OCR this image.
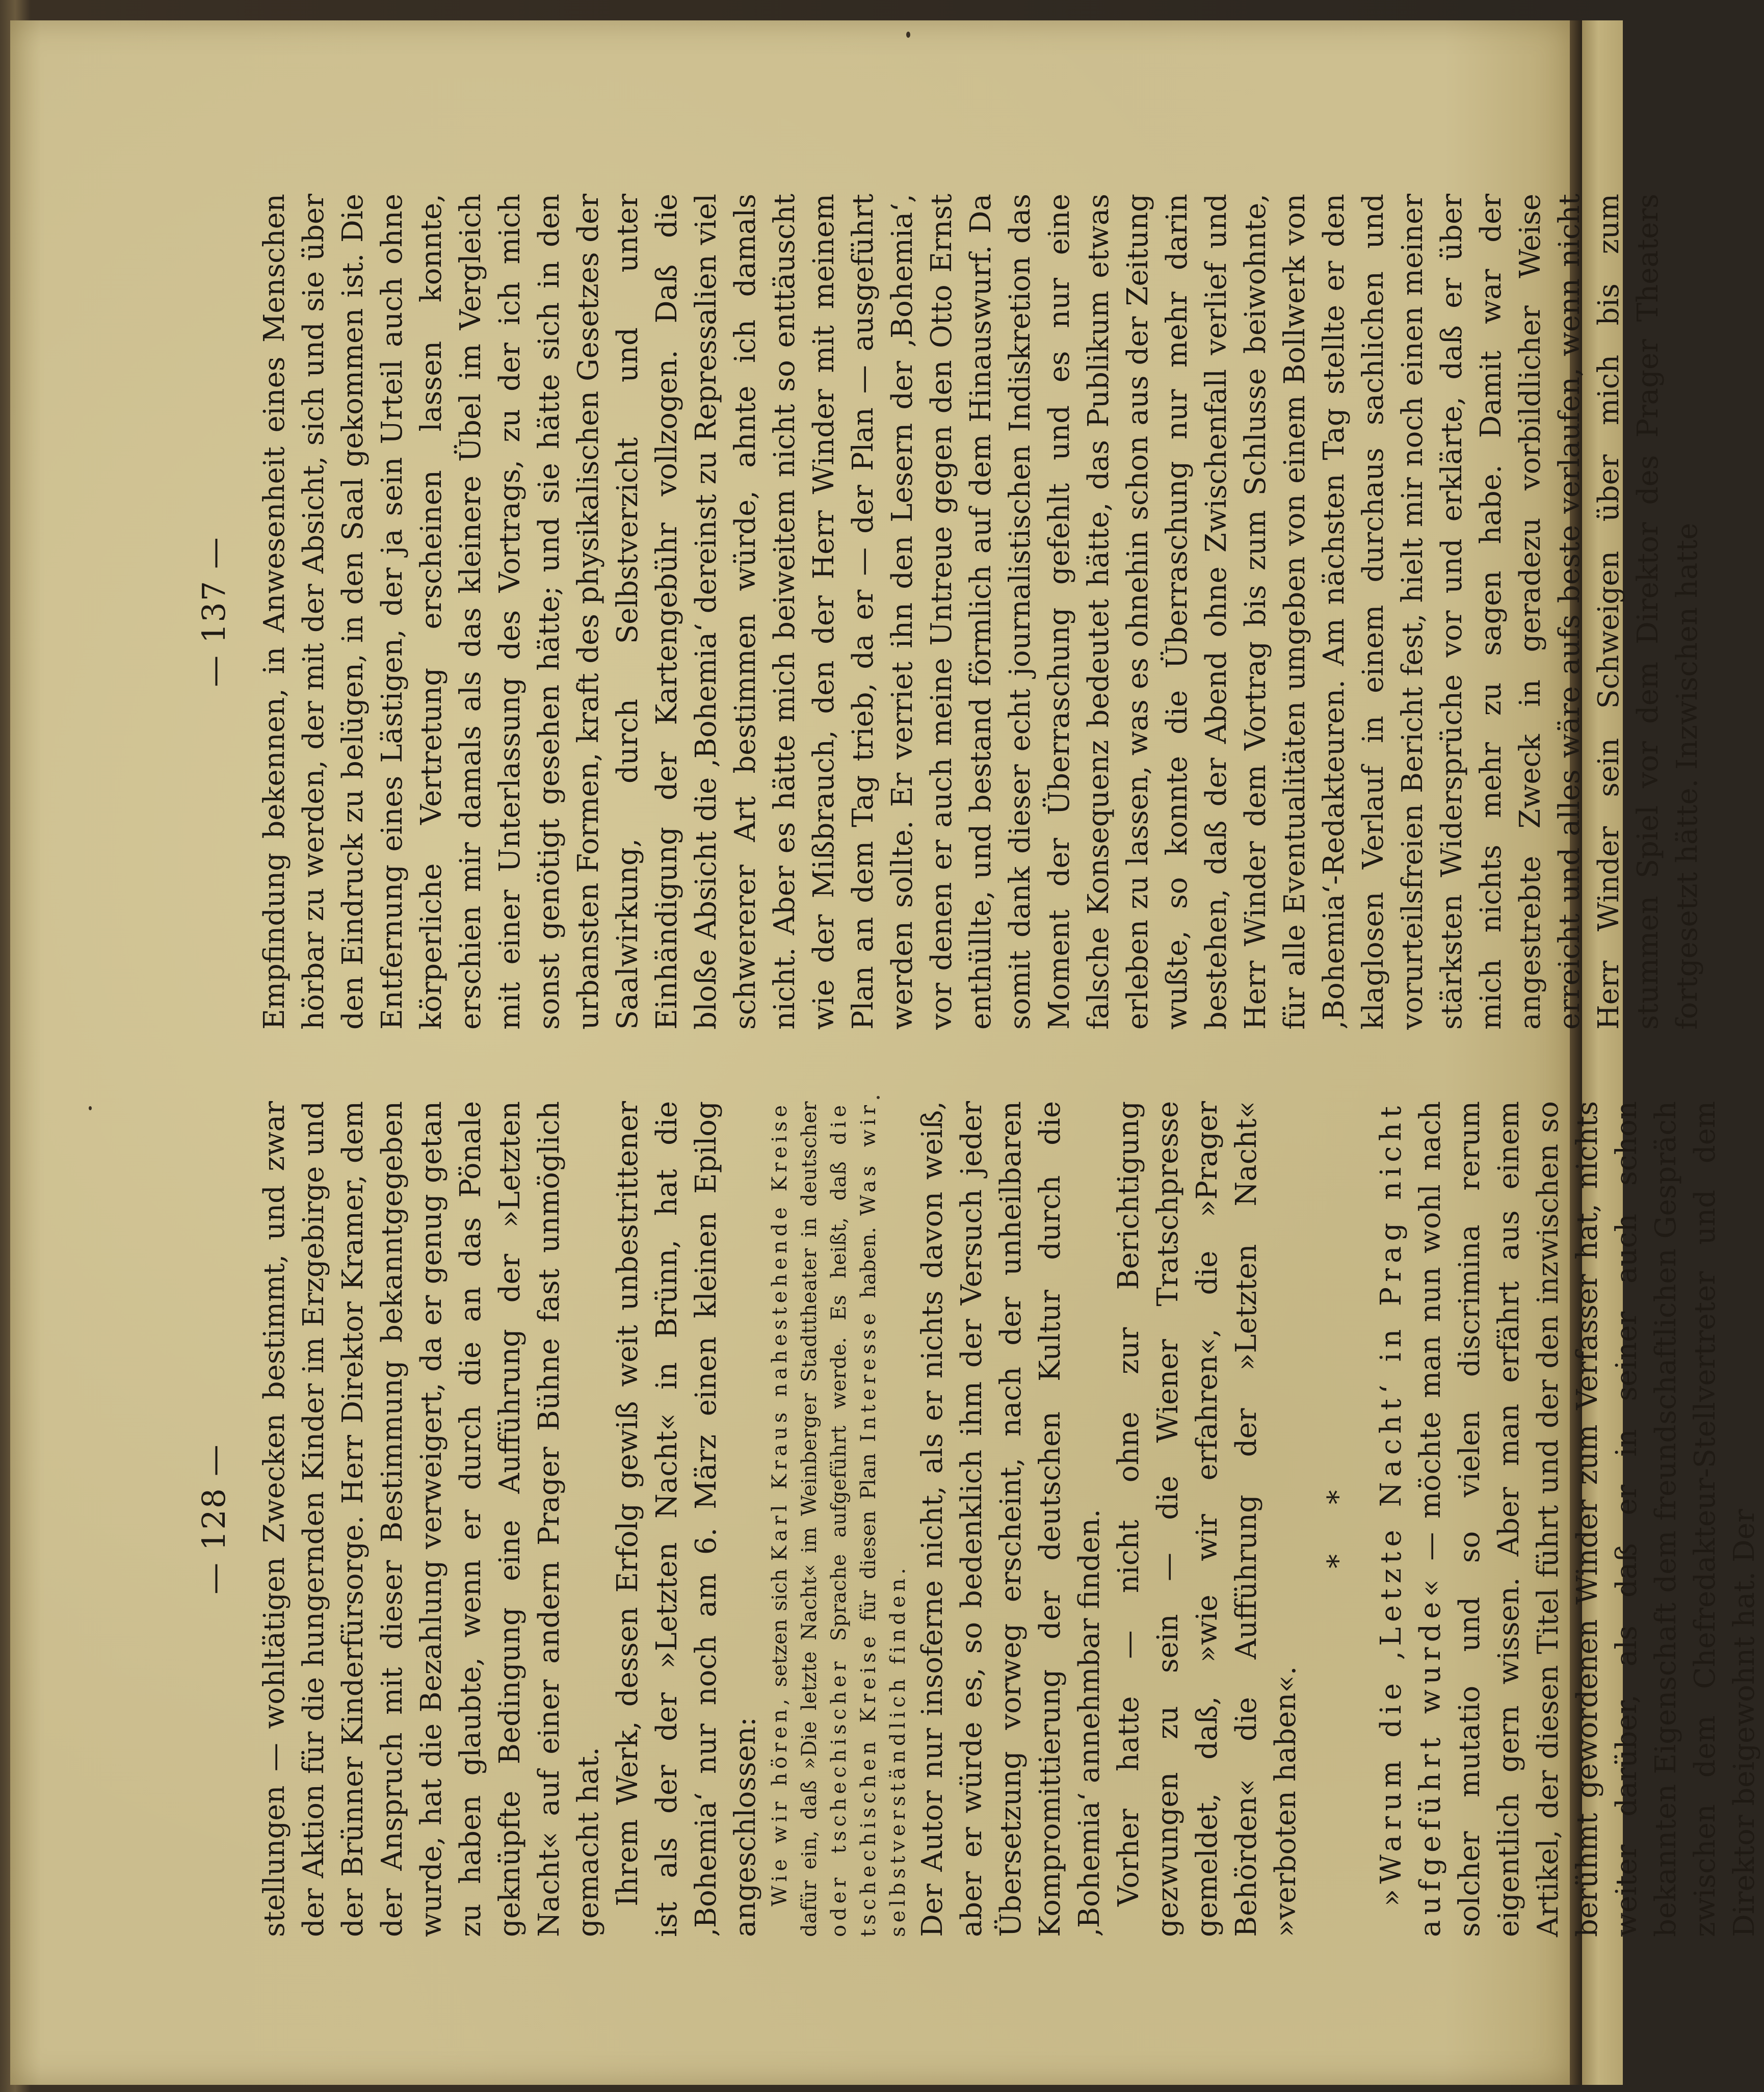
— 128 — stellungen — wohltätigen Zwecken bestimmt, und zwar der Aktion für die hungernden Kinder im Erzgebirge und der Brünner Kinderfürsorge. Herr Direktor Kramer, dem der Anspruch mit dieser Bestimmung bekanntgegeben wurde, hat die Bezahlung verweigert, da er genug getan zu haben glaubte, wenn er durch die an das Pönale geknüpfte Bedingung eine Aufführung der »Letzten Nacht« auf einer andern Prager Bühne fast unmöglich gemacht hat. Ihrem Werk, dessen Erfolg gewiß weit unbestrittener ist als der der »Letzten Nacht« in Brünn, hat die ‚Bohemia‘ nur noch am 6. März einen kleinen Epilog angeschlossen: Wie wir hören, setzen sich Karl Kraus nahestehende Kreise dafür ein, daß »Die letzte Nacht« im Weinberger Stadttheater in deutscher oder tschechischer Sprache aufgeführt werde. Es heißt, daß die tschechischen Kreise für diesen Plan Interesse haben. Was wir selbstverständlich finden. Der Autor nur insoferne nicht, als er nichts davon weiß, aber er würde es, so bedenklich ihm der Versuch jeder Übersetzung vorweg erscheint, nach der unheilbaren Kompromittierung der deutschen Kultur durch die ‚Bohemia‘ annehmbar finden. Vorher hatte — nicht ohne zur Berichtigung gezwungen zu sein — die Wiener Tratschpresse gemeldet, daß, »wie wir erfahren«, die »Prager Behörden« die Aufführung der »Letzten Nacht« »verboten haben«.

* * »Warum die ‚Letzte Nacht‘ in Prag nicht aufgeführt wurde« — möchte man nun wohl nach solcher mutatio und so vielen discrimina rerum eigentlich gern wissen. Aber man erfährt aus einem Artikel, der diesen Titel führt und der den inzwischen so berühmt gewordenen Winder zum Verfasser hat, nichts weiter darüber, als daß er in seiner auch schon bekannten Eigenschaft dem freundschaftlichen Gespräch zwischen dem Chefredakteur-Stellvertreter und dem Direktor beigewohnt hat. Der

— 137 — Empfindung bekennen, in Anwesenheit eines Menschen hörbar zu werden, der mit der Absicht, sich und sie über den Eindruck zu belügen, in den Saal gekommen ist. Die Entfernung eines Lästigen, der ja sein Urteil auch ohne körperliche Vertretung erscheinen lassen konnte, erschien mir damals als das kleinere Übel im Vergleich mit einer Unterlassung des Vortrags, zu der ich mich sonst genötigt gesehen hätte; und sie hätte sich in den urbansten Formen, kraft des physikalischen Gesetzes der Saalwirkung, durch Selbstverzicht und unter Einhändigung der Kartengebühr vollzogen. Daß die bloße Absicht die ‚Bohemia‘ dereinst zu Repressalien viel schwererer Art bestimmen würde, ahnte ich damals nicht. Aber es hätte mich beiweitem nicht so enttäuscht wie der Mißbrauch, den der Herr Winder mit meinem Plan an dem Tag trieb, da er — der Plan — ausgeführt werden sollte. Er verriet ihn den Lesern der ‚Bohemia‘, vor denen er auch meine Untreue gegen den Otto Ernst enthüllte, und bestand förmlich auf dem Hinauswurf. Da somit dank dieser echt journalistischen Indiskretion das Moment der Überraschung gefehlt und es nur eine falsche Konsequenz bedeutet hätte, das Publikum etwas erleben zu lassen, was es ohnehin schon aus der Zeitung wußte, so konnte die Überraschung nur mehr darin bestehen, daß der Abend ohne Zwischenfall verlief und Herr Winder dem Vortrag bis zum Schlusse beiwohnte, für alle Eventualitäten umgeben von einem Bollwerk von ‚Bohemia‘-Redakteuren. Am nächsten Tag stellte er den klaglosen Verlauf in einem durchaus sachlichen und vorurteilsfreien Bericht fest, hielt mir noch einen meiner stärksten Widersprüche vor und erklärte, daß er über mich nichts mehr zu sagen habe. Damit war der angestrebte Zweck in geradezu vorbildlicher Weise erreicht und alles wäre aufs beste verlaufen, wenn nicht Herr Winder sein Schweigen über mich bis zum stummen Spiel vor dem Direktor des Prager Theaters fortgesetzt hätte. Inzwischen hatte
